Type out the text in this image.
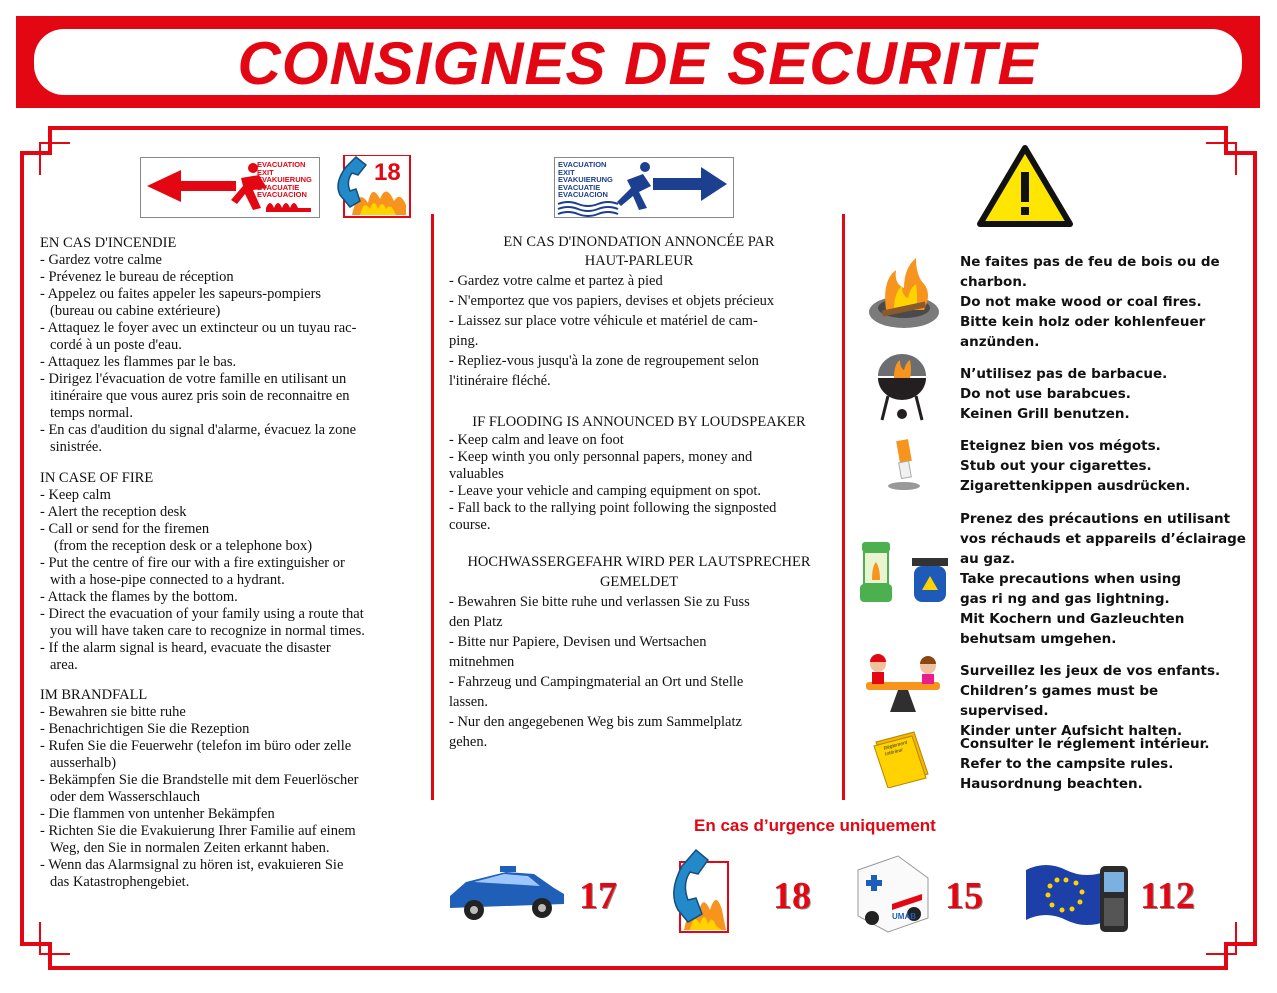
CONSIGNES DE SECURITE
EVACUATION
EXIT
EVAKUIERUNG
EVACUATIE
EVACUACION
18	EVACUATION
EXIT
EVAKUIERUNG
EVACUATIE
EVACUACION

EN CAS D'INCENDIE

- Gardez votre calme

- Prévenez le bureau de réception

- Appelez ou faites appeler les sapeurs-pompiers

(bureau ou cabine extérieure)

- Attaquez le foyer avec un extincteur ou un tuyau rac-

cordé à un poste d'eau.

- Attaquez les flammes par le bas.

- Dirigez l'évacuation de votre famille en utilisant un

itinéraire que vous aurez pris soin de reconnaitre en

temps normal.

- En cas d'audition du signal d'alarme, évacuez la zone

sinistrée.

IN CASE OF FIRE

- Keep calm

- Alert the reception desk

- Call or send for the firemen

(from the reception desk or a telephone box)

- Put the centre of fire our with a fire extinguisher or

with a hose-pipe connected to a hydrant.

- Attack the flames by the bottom.

- Direct the evacuation of your family using a route that

you will have taken care to recognize in normal times.

- If the alarm signal is heard, evacuate the disaster

area.

IM BRANDFALL

- Bewahren sie bitte ruhe

- Benachrichtigen Sie die Rezeption

- Rufen Sie die Feuerwehr (telefon im büro oder zelle

ausserhalb)

- Bekämpfen Sie die Brandstelle mit dem Feuerlöscher

oder dem Wasserschlauch

- Die flammen von untenher Bekämpfen

- Richten Sie die Evakuierung Ihrer Familie auf einem

Weg, den Sie in normalen Zeiten erkannt haben.

- Wenn das Alarmsignal zu hören ist, evakuieren Sie

das Katastrophengebiet.

EN CAS D'INONDATION ANNONCÉE PAR

HAUT-PARLEUR

- Gardez votre calme et partez à pied

- N'emportez que vos papiers, devises et objets précieux

- Laissez sur place votre véhicule et matériel de cam-

ping.

- Repliez-vous jusqu'à la zone de regroupement selon

l'itinéraire fléché.

IF FLOODING IS ANNOUNCED BY LOUDSPEAKER

- Keep calm and leave on foot

- Keep winth you only personnal papers, money and

valuables

- Leave your vehicle and camping equipment on spot.

- Fall back to the rallying point following the signposted

course.

HOCHWASSERGEFAHR WIRD PER LAUTSPRECHER

GEMELDET

- Bewahren Sie bitte ruhe und verlassen Sie zu Fuss

den Platz

- Bitte nur Papiere, Devisen und Wertsachen

mitnehmen

- Fahrzeug und Campingmaterial an Ort und Stelle

lassen.

- Nur den angegebenen Weg bis zum Sammelplatz

gehen.

Ne faites pas de feu de bois ou de

charbon.

Do not make wood or coal fires.

Bitte kein holz oder kohlenfeuer

anzünden.

N’utilisez pas de barbacue.

Do not use barabcues.

Keinen Grill benutzen.

Eteignez bien vos mégots.

Stub out your cigarettes.

Zigarettenkippen ausdrücken.

Prenez des précautions en utilisant

vos réchauds et appareils d’éclairage

au gaz.

Take precautions when using

gas ri ng and gas lightning.

Mit Kochern und Gazleuchten

behutsam umgehen.

Surveillez les jeux de vos enfants.

Children’s games must be supervised.

Kinder unter Aufsicht halten.

Règlement Intérieur

Consulter le réglement intérieur.

Refer to the campsite rules.

Hausordnung beachten.

En cas d’urgence uniquement
17	18	UMAB 15	112
